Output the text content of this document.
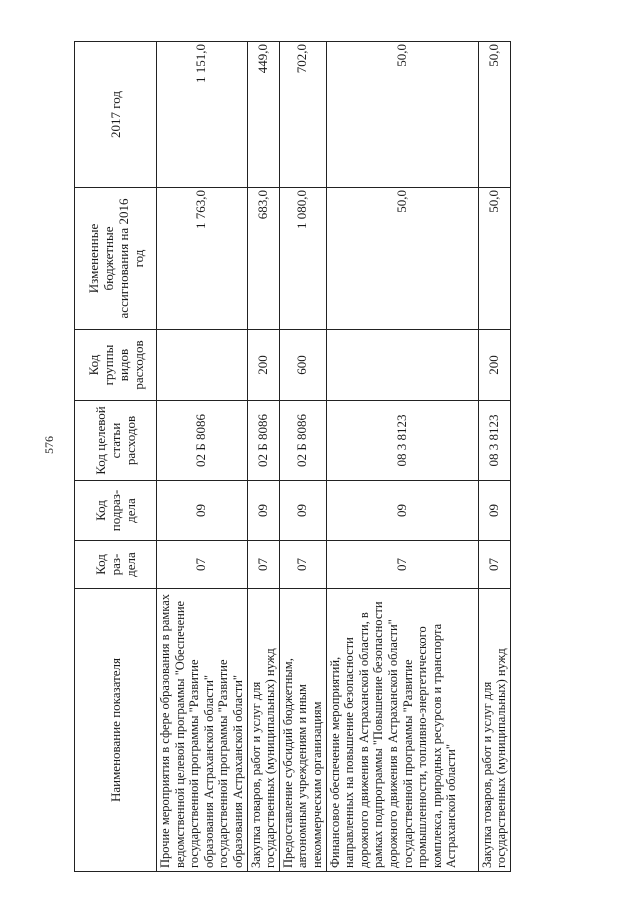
576
Наименование показателя	Код раз-дела	Код подраз-дела	Код целевой статьи расходов	Код группы видов расходов	Измененные бюджетные ассигнования на 2016 год	2017 год
Прочие мероприятия в сфере образования в рамках ведомственной целевой программы "Обеспечение государственной программы "Развитие образования Астраханской области" государственной программы "Развитие образования Астраханской области"	07	09	02 Б 8086		1 763,0	1 151,0
Закупка товаров, работ и услуг для государственных (муниципальных) нужд	07	09	02 Б 8086	200	683,0	449,0
Предоставление субсидий бюджетным, автономным учреждениям и иным некоммерческим организациям	07	09	02 Б 8086	600	1 080,0	702,0
Финансовое обеспечение мероприятий, направленных на повышение безопасности дорожного движения в Астраханской области, в рамках подпрограммы "Повышение безопасности дорожного движения в Астраханской области" государственной программы "Развитие промышленности, топливно-энергетического комплекса, природных ресурсов и транспорта Астраханской области"	07	09	08 3 8123		50,0	50,0
Закупка товаров, работ и услуг для государственных (муниципальных) нужд	07	09	08 3 8123	200	50,0	50,0
